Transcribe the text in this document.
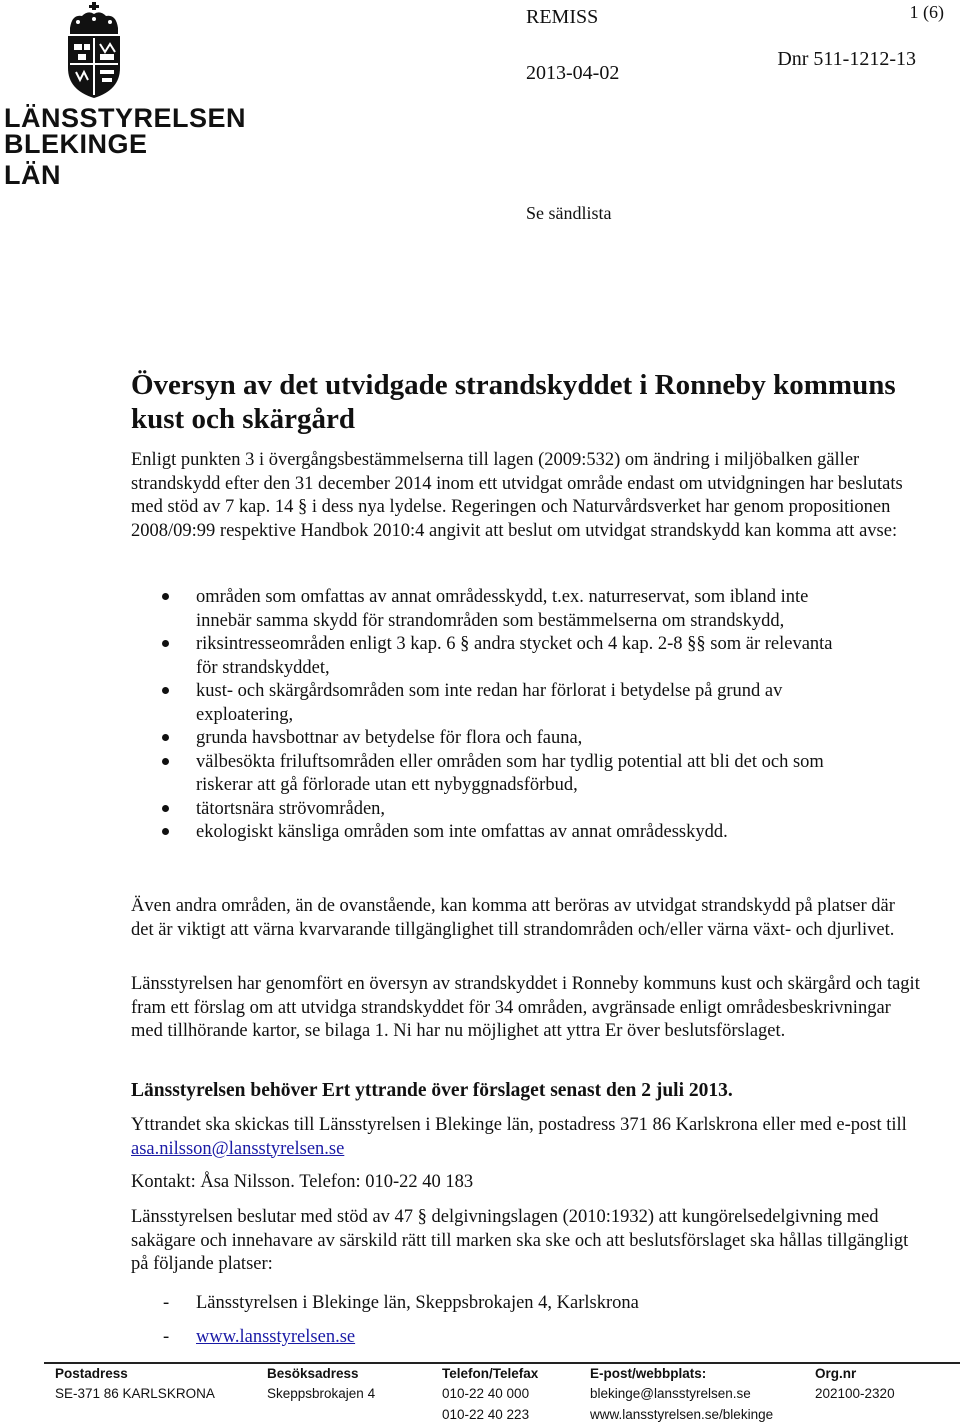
LÄNSSTYRELSEN
BLEKINGE LÄN
REMISS	1 (6)
2013-04-02
Dnr 511-1212-13
Se sändlista
Översyn av det utvidgade strandskyddet i Ronneby kommuns kust och skärgård

Enligt punkten 3 i övergångsbestämmelserna till lagen (2009:532) om ändring i miljöbalken gäller strandskydd efter den 31 december 2014 inom ett utvidgat område endast om utvidgningen har beslutats med stöd av 7 kap. 14 § i dess nya lydelse. Regeringen och Naturvårdsverket har genom propositionen 2008/09:99 respektive Handbok 2010:4 angivit att beslut om utvidgat strandskydd kan komma att avse:

områden som omfattas av annat områdesskydd, t.ex. naturreservat, som ibland inte innebär samma skydd för strandområden som bestämmelserna om strandskydd,
riksintresseområden enligt 3 kap. 6 § andra stycket och 4 kap. 2-8 §§ som är relevanta för strandskyddet,
kust- och skärgårdsområden som inte redan har förlorat i betydelse på grund av exploatering,
grunda havsbottnar av betydelse för flora och fauna,
välbesökta friluftsområden eller områden som har tydlig potential att bli det och som riskerar att gå förlorade utan ett nybyggnadsförbud,
tätortsnära strövområden,
ekologiskt känsliga områden som inte omfattas av annat områdesskydd.

Även andra områden, än de ovanstående, kan komma att beröras av utvidgat strandskydd på platser där det är viktigt att värna kvarvarande tillgänglighet till strandområden och/eller värna växt- och djurlivet.

Länsstyrelsen har genomfört en översyn av strandskyddet i Ronneby kommuns kust och skärgård och tagit fram ett förslag om att utvidga strandskyddet för 34 områden, avgränsade enligt områdesbeskrivningar med tillhörande kartor, se bilaga 1. Ni har nu möjlighet att yttra Er över beslutsförslaget.

Länsstyrelsen behöver Ert yttrande över förslaget senast den 2 juli 2013.

Yttrandet ska skickas till Länsstyrelsen i Blekinge län, postadress 371 86 Karlskrona eller med e-post till asa.nilsson@lansstyrelsen.se

Kontakt: Åsa Nilsson. Telefon: 010-22 40 183

Länsstyrelsen beslutar med stöd av 47 § delgivningslagen (2010:1932) att kungörelsedelgivning med sakägare och innehavare av särskild rätt till marken ska ske och att beslutsförslaget ska hållas tillgängligt på följande platser:

- Länsstyrelsen i Blekinge län, Skeppsbrokajen 4, Karlskrona
- www.lansstyrelsen.se
Postadress
SE-371 86 KARLSKRONA
Besöksadress
Skeppsbrokajen 4
Telefon/Telefax
010-22 40 000
010-22 40 223
E-post/webbplats:
blekinge@lansstyrelsen.se
www.lansstyrelsen.se/blekinge
Org.nr
202100-2320
